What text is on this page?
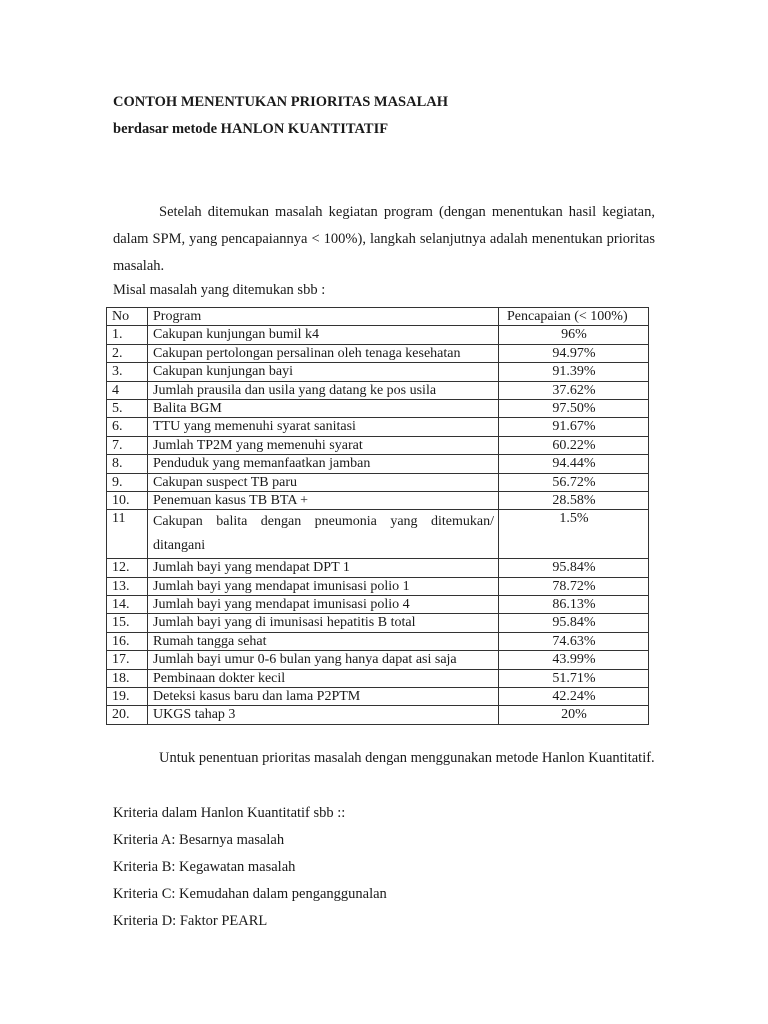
CONTOH MENENTUKAN PRIORITAS MASALAH
berdasar metode HANLON KUANTITATIF

Setelah ditemukan masalah kegiatan program (dengan menentukan hasil kegiatan, dalam SPM, yang pencapaiannya < 100%), langkah selanjutnya adalah menentukan prioritas masalah.

Misal masalah yang ditemukan sbb :
No	Program	Pencapaian (< 100%)
1.	Cakupan kunjungan bumil k4	96%
2.	Cakupan pertolongan persalinan oleh tenaga kesehatan	94.97%
3.	Cakupan kunjungan bayi	91.39%
4	Jumlah prausila dan usila yang datang ke pos usila	37.62%
5.	Balita BGM	97.50%
6.	TTU yang memenuhi syarat sanitasi	91.67%
7.	Jumlah TP2M yang memenuhi syarat	60.22%
8.	Penduduk yang memanfaatkan jamban	94.44%
9.	Cakupan suspect TB paru	56.72%
10.	Penemuan kasus TB BTA +	28.58%
11	Cakupan balita dengan pneumonia yang ditemukan/ ditangani	1.5%
12.	Jumlah bayi yang mendapat DPT 1	95.84%
13.	Jumlah bayi yang mendapat imunisasi polio 1	78.72%
14.	Jumlah bayi yang mendapat imunisasi polio 4	86.13%
15.	Jumlah bayi yang di imunisasi hepatitis B total	95.84%
16.	Rumah tangga sehat	74.63%
17.	Jumlah bayi umur 0-6 bulan yang hanya dapat asi saja	43.99%
18.	Pembinaan dokter kecil	51.71%
19.	Deteksi kasus baru dan lama P2PTM	42.24%
20.	UKGS tahap 3	20%

Untuk penentuan prioritas masalah dengan menggunakan metode Hanlon Kuantitatif.

Kriteria dalam Hanlon Kuantitatif sbb ::
Kriteria A: Besarnya masalah
Kriteria B: Kegawatan masalah
Kriteria C: Kemudahan dalam penganggunalan
Kriteria D: Faktor PEARL
